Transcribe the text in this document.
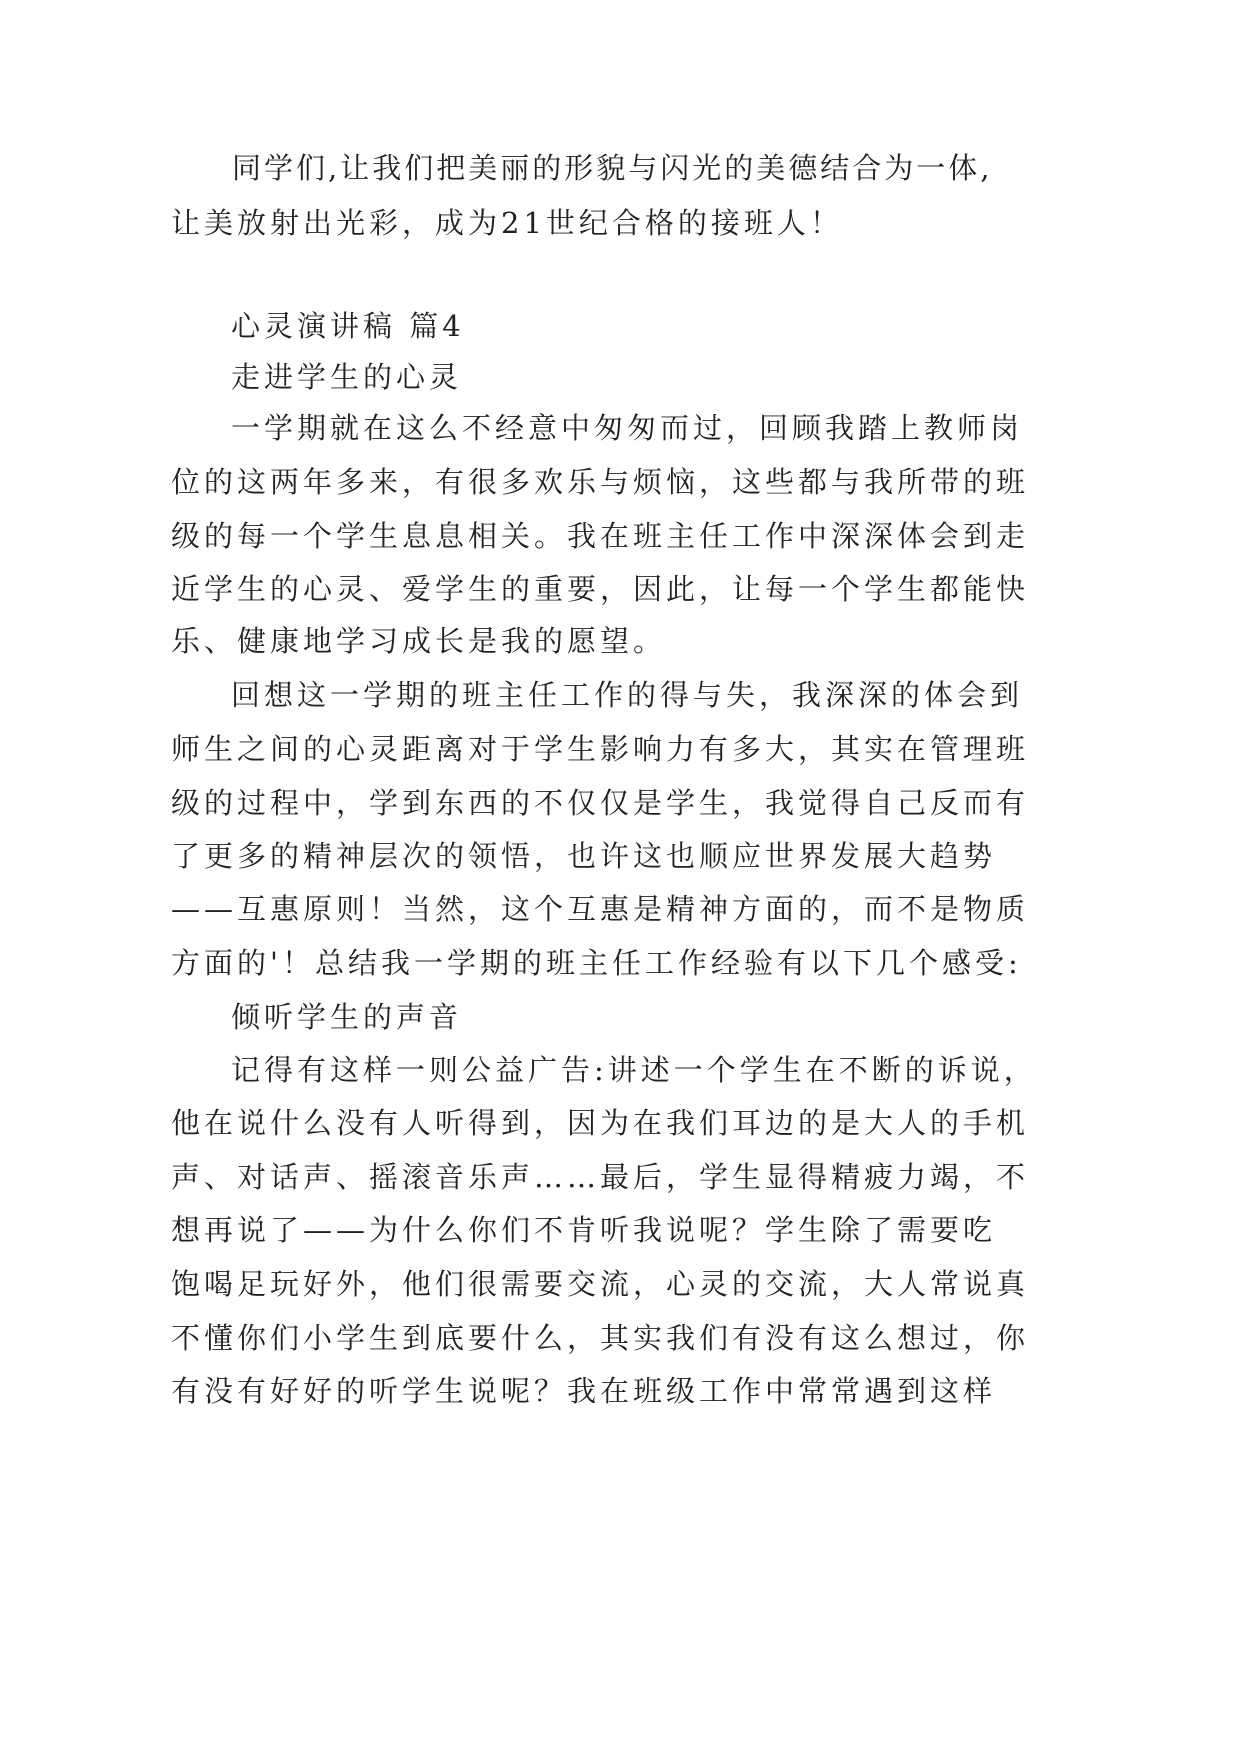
同学们,让我们把美丽的形貌与闪光的美德结合为一体,
让美放射出光彩，成为21世纪合格的接班人！
心灵演讲稿 篇4
走进学生的心灵
一学期就在这么不经意中匆匆而过，回顾我踏上教师岗
位的这两年多来，有很多欢乐与烦恼，这些都与我所带的班
级的每一个学生息息相关。我在班主任工作中深深体会到走
近学生的心灵、爱学生的重要，因此，让每一个学生都能快
乐、健康地学习成长是我的愿望。
回想这一学期的班主任工作的得与失，我深深的体会到
师生之间的心灵距离对于学生影响力有多大，其实在管理班
级的过程中，学到东西的不仅仅是学生，我觉得自己反而有
了更多的精神层次的领悟，也许这也顺应世界发展大趋势
——互惠原则！当然，这个互惠是精神方面的，而不是物质
方面的'！总结我一学期的班主任工作经验有以下几个感受:
倾听学生的声音
记得有这样一则公益广告:讲述一个学生在不断的诉说，
他在说什么没有人听得到，因为在我们耳边的是大人的手机
声、对话声、摇滚音乐声……最后，学生显得精疲力竭，不
想再说了——为什么你们不肯听我说呢？学生除了需要吃
饱喝足玩好外，他们很需要交流，心灵的交流，大人常说真
不懂你们小学生到底要什么，其实我们有没有这么想过，你
有没有好好的听学生说呢？我在班级工作中常常遇到这样
